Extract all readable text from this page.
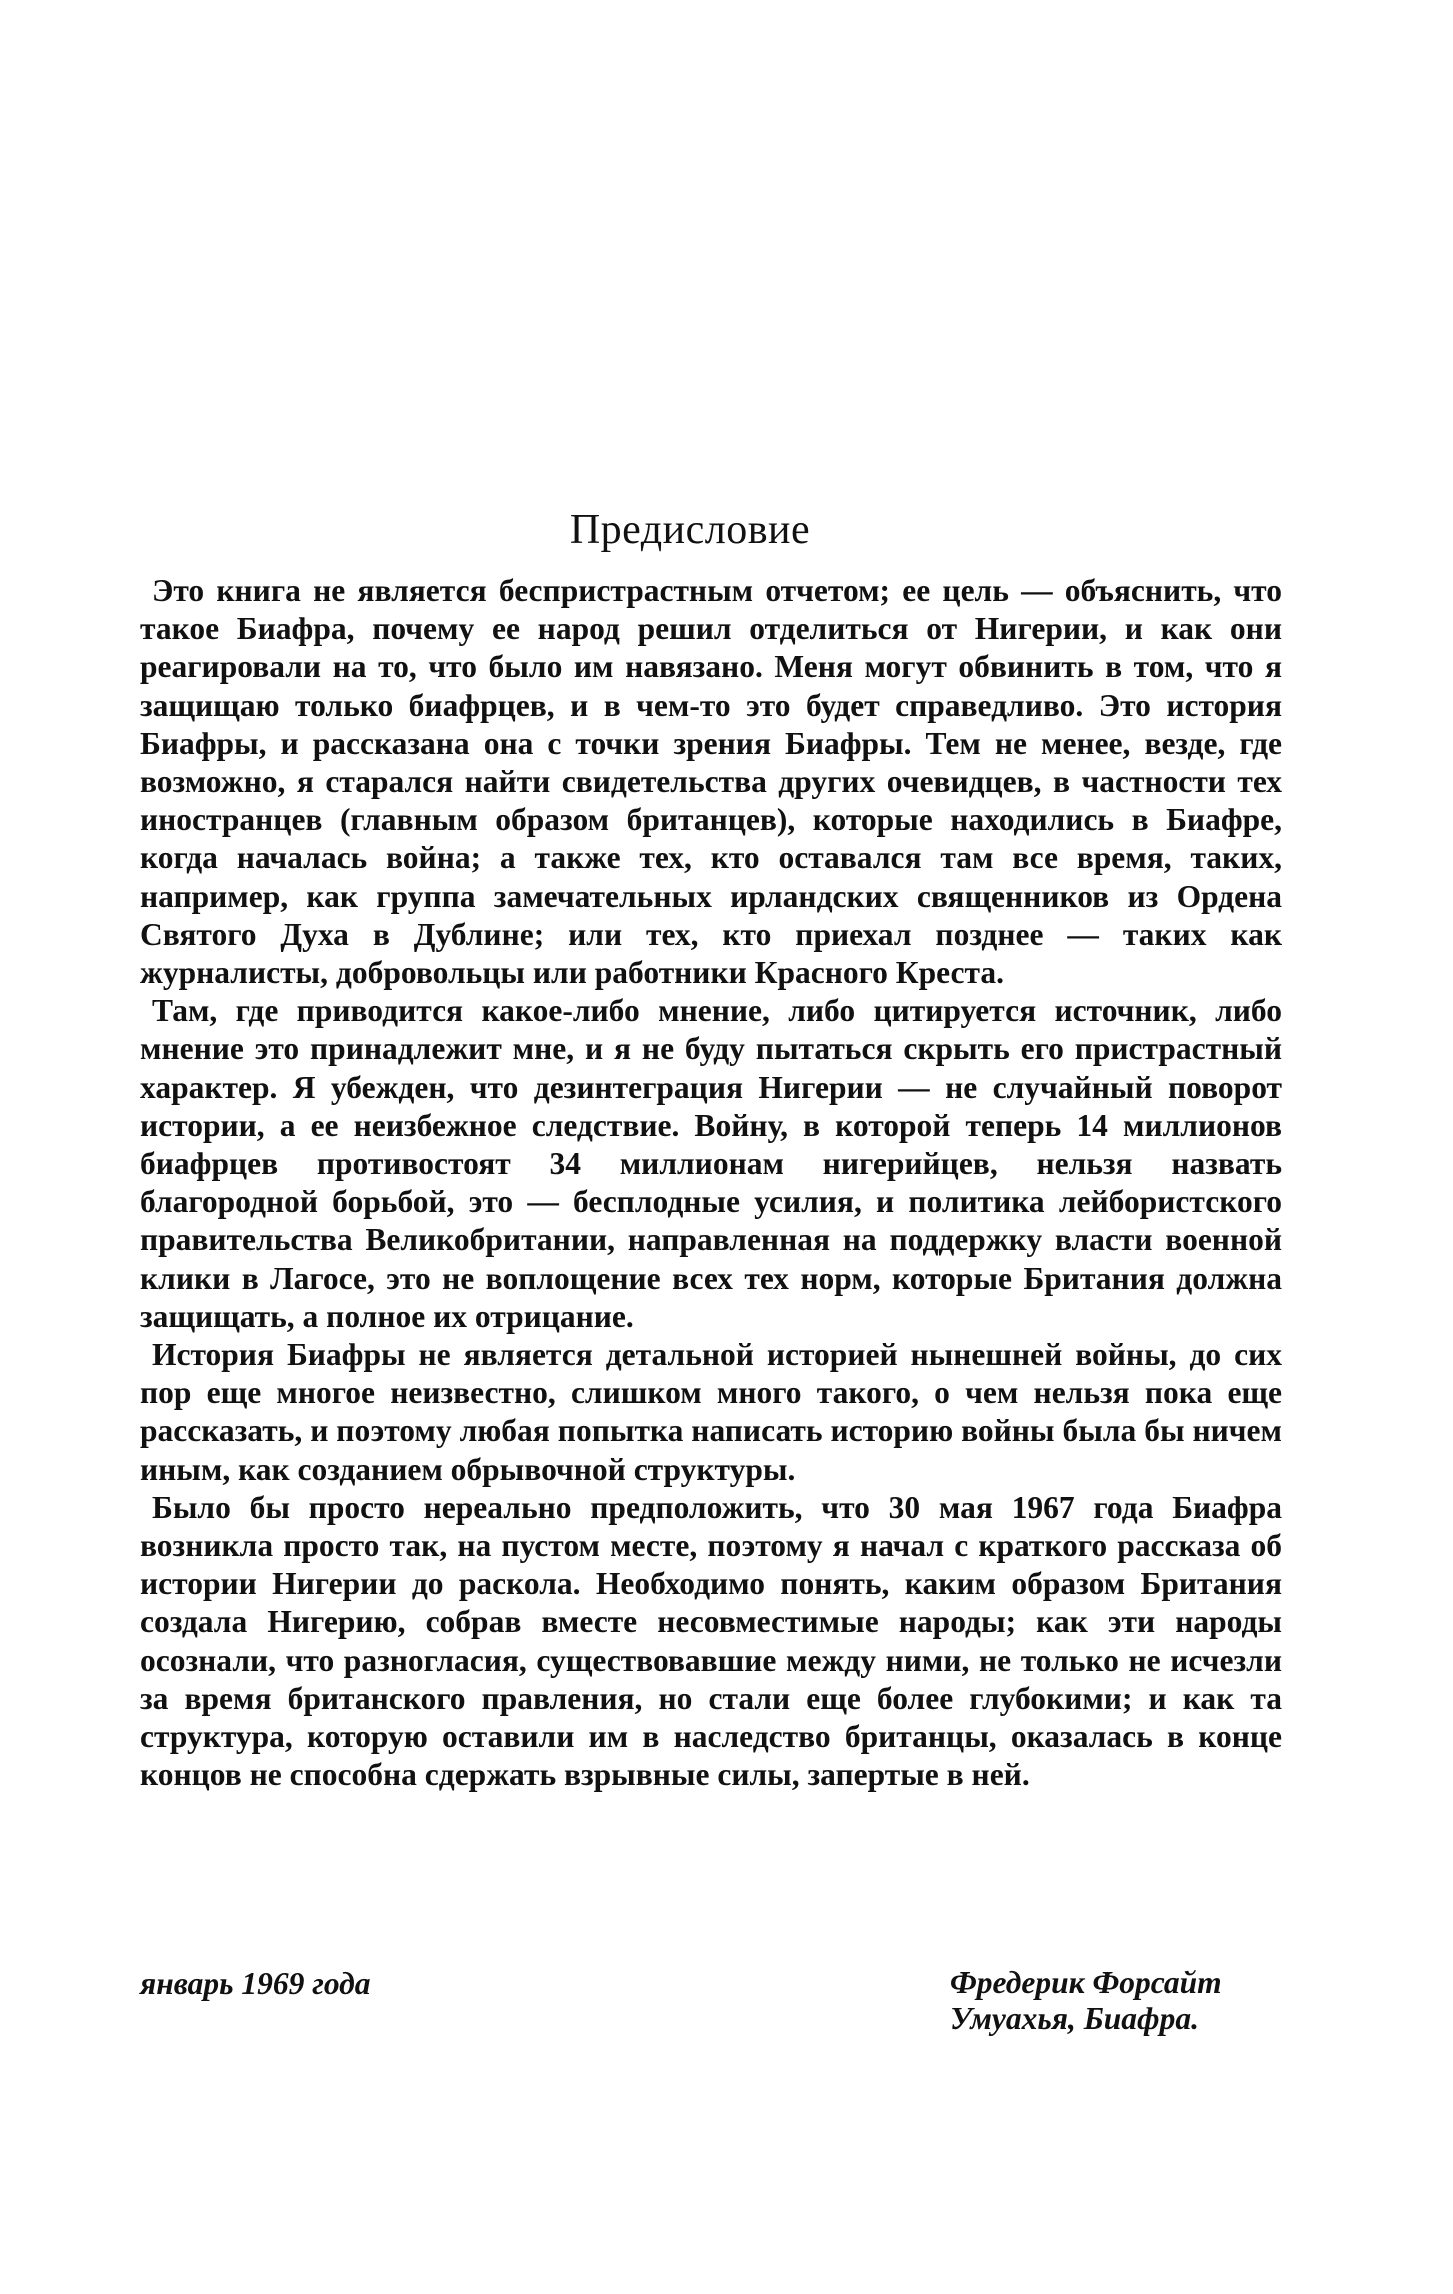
Предисловие

Это книга не является беспристрастным отчетом; ее цель — объяснить, что такое Биафра, почему ее народ решил отделиться от Нигерии, и как они реагировали на то, что было им навязано. Меня могут обвинить в том, что я защищаю только биафрцев, и в чем-то это будет справедливо. Это история Биафры, и рассказана она с точки зрения Биафры. Тем не менее, везде, где возможно, я старался найти свидетельства других очевидцев, в частности тех иностранцев (главным образом британцев), которые находились в Биафре, когда началась война; а также тех, кто оставался там все время, таких, например, как группа замечательных ирландских священников из Ордена Святого Духа в Дублине; или тех, кто приехал позднее — таких как журналисты, добровольцы или работники Красного Креста.

Там, где приводится какое-либо мнение, либо цитируется источник, либо мнение это принадлежит мне, и я не буду пытаться скрыть его пристрастный характер. Я убежден, что дезинтеграция Нигерии — не случайный поворот истории, а ее неизбежное следствие. Войну, в которой теперь 14 миллионов биафрцев противостоят 34 миллионам нигерийцев, нельзя назвать благородной борьбой, это — бесплодные усилия, и политика лейбористского правительства Великобритании, направленная на поддержку власти военной клики в Лагосе, это не воплощение всех тех норм, которые Британия должна защищать, а полное их отрицание.

История Биафры не является детальной историей нынешней войны, до сих пор еще многое неизвестно, слишком много такого, о чем нельзя пока еще рассказать, и поэтому любая попытка написать историю войны была бы ничем иным, как созданием обрывочной структуры.

Было бы просто нереально предположить, что 30 мая 1967 года Биафра возникла просто так, на пустом месте, поэтому я начал с краткого рассказа об истории Нигерии до раскола. Необходимо понять, каким образом Британия создала Нигерию, собрав вместе несовместимые народы; как эти народы осознали, что разногласия, существовавшие между ними, не только не исчезли за время британского правления, но стали еще более глубокими; и как та структура, которую оставили им в наследство британцы, оказалась в конце концов не способна сдержать взрывные силы, запертые в ней.

январь 1969 года	Фредерик Форсайт
Умуахья, Биафра.
